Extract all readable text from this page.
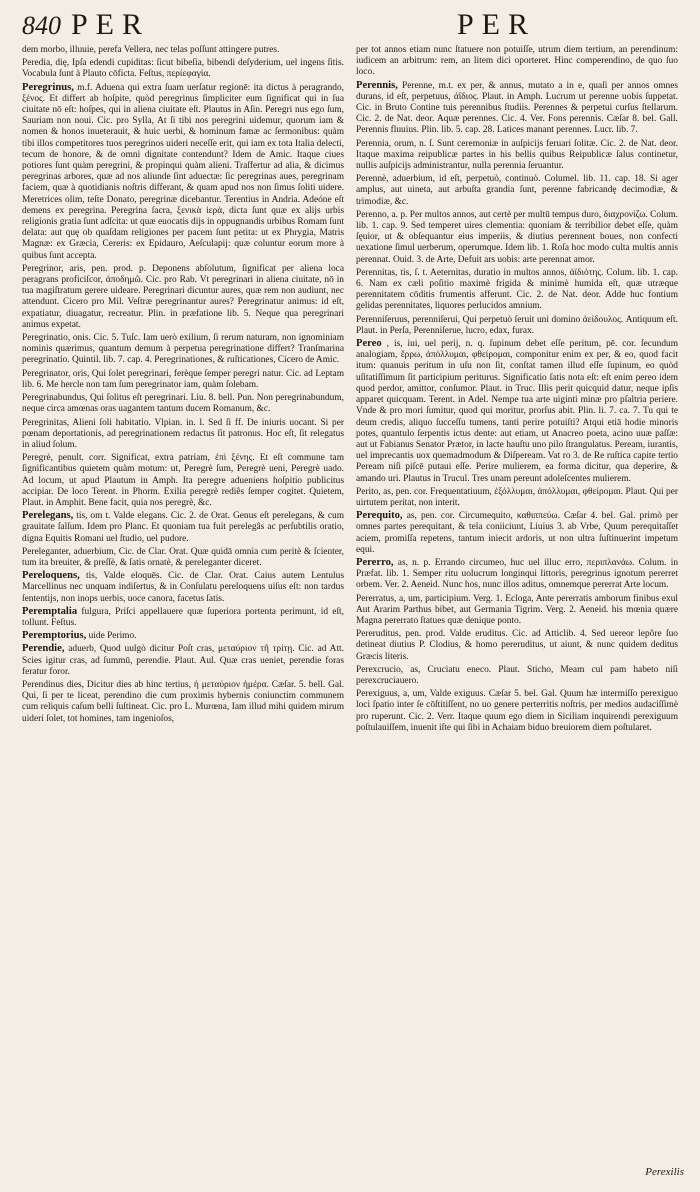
840 PER	PER

dem morbo, illuuie, perefa Vellera, nec telas poſſunt attingere putres.

Peredia, dię, Ipſa edendi cupiditas: ſicut bibeſia, bibendi deſyderium, uel ingens ſitis. Vocabula ſunt à Plauto cōficta. Feſtus, περίεφαγία.

Peregrinus, m.f. Aduena qui extra ſuam uerſatur regionē: ita dictus à peragrando, ξένος. Et differt ab hoſpite, quòd peregrinus ſimpliciter eum ſignificat qui in ſua ciuitate nō eſt: hoſpes, qui in aliena ciuitate eſt. Plautus in Aſin. Peregri nus ego ſum, Sauriam non noui. Cic. pro Sylla, At ſi tibi nos peregrini uidemur, quorum iam & nomen & honos inueterauit, & huic uerbi, & hominum famæ ac ſermonibus: quàm tibi illos competitores tuos peregrinos uideri neceſſe erit, qui iam ex tota Italia delecti, tecum de honore, & de omni dignitate contendunt? Idem de Amic. Itaque ciues potiores ſunt quàm peregrini, & propinqui quàm alieni. Traſfertur ad alia, & dicimus peregrinas arbores, quæ ad nos aliunde ſint aduectæ: ſic peregrinas aues, peregrinam faciem, quæ à quotidianis noſtris differant, & quam apud nos non ſimus ſoliti uidere. Meretrices olim, teſte Donato, peregrinæ dicebantur. Terentius in Andria. Adeóne eſt demens ex peregrina. Peregrina ſacra, ξενικὰ ἱερὰ, dicta ſunt quæ ex alijs urbis religionis gratia ſunt adſcita: ut quæ euocatis dijs in oppugnandis urbibus Romam ſunt delata: aut quę ob quaſdam religiones per pacem ſunt petita: ut ex Phrygia, Matris Magnæ: ex Græcia, Cereris: ex Epidauro, Aeſculapij: quæ coluntur eorum more à quibus ſunt accepta.

Peregrinor, aris, pen. prod. p. Deponens abſolutum, ſignificat per aliena loca peragrans proficiſcor, ἀποδημῶ. Cic. pro Rab. Vt peregrinari in aliena ciuitate, nō in tua magiſtratum gerere uideare. Peregrinari dicuntur aures, quæ rem non audiunt, nec attendunt. Cicero pro Mil. Veſtræ peregrinantur aures? Peregrinatur animus: id eſt, expatiatur, diuagatur, recreatur. Plin. in præfatione lib. 5. Neque qua peregrinari animus expetat.

Peregrinatio, onis. Cic. 5. Tuſc. Iam uerò exilium, ſi rerum naturam, non ignominiam nominis quærimus, quantum demum à perpetua peregrinatione differt? Tranſmarina peregrinatio. Quintil. lib. 7. cap. 4. Peregrinationes, & ruſticationes, Cicero de Amic.

Peregrinator, oris, Qui ſolet peregrinari, ferèque ſemper peregri natur. Cic. ad Leptam lib. 6. Me hercle non tam ſum peregrinator iam, quàm ſolebam.

Peregrinabundus, Qui ſolitus eſt peregrinari. Liu. 8. bell. Pun. Non peregrinabundum, neque circa amœnas oras uagantem tantum ducem Romanum, &c.

Peregrinitas, Alieni ſoli habitatio. Vlpian. in. l. Sed ſi ff. De iniuris uocant. Si per pœnam deportationis, ad peregrinationem redactus ſit patronus. Hoc eſt, ſit relegatus in aliud ſolum.

Peregrè, penult. corr. Significat, extra patriam, ἐπὶ ξένης. Et eſt commune tam ſignificantibus quietem quàm motum: ut, Peregrè ſum, Peregrè ueni, Peregrè uado. Ad locum, ut apud Plautum in Amph. Ita peregre adueniens hoſpitio publicitus accipiar. De loco Terent. in Phorm. Exilia peregrè rediês ſemper cogitet. Quietem, Plaut. in Amphit. Bene facit, quia nos peregrè, &c.

Perelegans, tis, om t. Valde elegans. Cic. 2. de Orat. Genus eſt perelegans, & cum grauitate ſalſum. Idem pro Planc. Et quoniam tua fuit perelegâs ac perſubtilis oratio, digna Equitis Romani uel ſtudio, uel pudore.

Pereleganter, aduerbium, Cic. de Clar. Orat. Quæ quidā omnia cum peritè & ſcienter, tum ita breuiter, & preſſè, & ſatis ornatè, & pereleganter diceret.

Pereloquens, tis, Valde eloquēs. Cic. de Clar. Orat. Caius autem Lentulus Marcellinus nec unquam indiſertus, & in Conſulatu pereloquens uiſus eſt: non tardus ſententijs, non inops uerbis, uoce canora, facetus ſatis.

Peremptalia fulgura, Priſci appellauere quæ ſuperiora portenta perimunt, id eſt, tollunt. Feſtus.

Peremptorius, uide Perimo.

Perendie, aduerb, Quod uulgò dicitur Poſt cras, μεταύριον τῆ τρίτῃ. Cic. ad Att. Scies igitur cras, ad ſummū, perendie. Plaut. Aul. Quæ cras ueniet, perendie foras feratur foror.

Perendinus dies, Dicitur dies ab hinc tertius, ἡ μεταύριον ἡμέρα. Cæſar. 5. bell. Gal. Qui, ſi per te liceat, perendino die cum proximis hybernis coniunctim communem cum reliquis caſum belli ſuſtineat. Cic. pro L. Murœna, Iam illud mihi quidem mirum uideri ſolet, tot homines, tam ingenioſos,

per tot annos etiam nunc ſtatuere non potuiſſe, utrum diem tertium, an perendinum: iudicem an arbitrum: rem, an litem dici oporteret. Hinc comperendino, de quo ſuo loco.

Perennis, Perenne, m.t. ex per, & annus, mutato a in e, quaſi per annos omnes durans, id eſt, perpetuus, ἀΐδιος. Plaut. in Amph. Lucrum ut perenne uobis ſuppetat. Cic. in Bruto Contine tuis perennibus ſtudiis. Perennes & perpetui curſus ſtellarum. Cic. 2. de Nat. deor. Aquæ perennes. Cic. 4. Ver. Fons perennis. Cæſar 8. bel. Gall. Perennis fluuius. Plin. lib. 5. cap. 28. Latices manant perennes. Lucr. lib. 7.

Perennia, orum, n. ſ. Sunt ceremoniæ in auſpicijs feruari ſolitæ. Cic. 2. de Nat. deor. Itaque maxima reipublicæ partes in his bellis quibus Reipublicæ ſalus continetur, nullis auſpicijs administrantur, nulla perennia ſeruantur.

Perennè, aduerbium, id eſt, perpetuò, continuò. Columel. lib. 11. cap. 18. Si ager amplus, aut uineta, aut arbuſta grandia ſunt, perenne fabricandę decimodiæ, & trimodiæ, &c.

Perenno, a. p. Per multos annos, aut certè per multū tempus duro, διαχρονίζω. Colum. lib. 1. cap. 9. Sed temperet uires clementia: quoniam & terribilior debet eſſe, quàm ſęuior, ut & obſequantur eius imperiis, & diutius perennent boues, non confecti uexatione ſimul uerberum, operumque. Idem lib. 1. Roſa hoc modo culta multis annis perennat. Ouid. 3. de Arte, Defuit ars uobis: arte perennat amor.

Perennitas, tis, ſ. t. Aeternitas, duratio in multos annos, ἀϊδιότης. Colum. lib. 1. cap. 6. Nam ex cæli poſitio maximè frigida & minimè humida eſt, quæ utræque perennitatem cōditis frumentis afferunt. Cic. 2. de Nat. deor. Adde huc fontium gelidas perennitates, liquores perlucidos amnium.

Perenniſeruus, perenniſerui, Qui perpetuò ſeruit uni domino ἀεὶδουλος. Antiquum eſt. Plaut. in Perſa, Perenniſerue, lucro, edax, furax.

Pereo , is, iui, uel perij, n. q. ſupinum debet eſſe peritum, pē. cor. ſecundum analogiam, ἔρρω, ἀπόλλυμαι, φθείρομαι, componitur enim ex per, & eo, quod facit itum: quanuis peritum in uſu non ſit, conſtat tamen illud eſſe ſupinum, eo quòd uſitatiſſimum ſit participium periturus. Significatio ſatis nota eſt: eſt enim pereo idem quod perdor, amittor, conſumor. Plaut. in Truc. Illis perit quicquid datur, neque ipſis apparet quicquam. Terent. in Adel. Nempe tua arte uiginti minæ pro pſaltria periere. Vnde & pro mori ſumitur, quod qui moritur, prorſus abit. Plin. li. 7. ca. 7. Tu qui te deum credis, aliquo ſucceſſu tumens, tanti perire potuiſti? Atqui etiā hodie minoris potes, quantulo ſerpentis ictus dente: aut etiam, ut Anacreo poeta, acino uuæ paſſæ: aut ut Fabianus Senator Prætor, in lacte hauſtu uno pilo ſtrangulatus. Peream, iurantis, uel imprecantis uox quemadmodum & Diſpeream. Vat ro 3. de Re ruſtica capite tertio Peream niſi piſcē putaui eſſe. Perire mulierem, ea forma dicitur, qua deperire, & amando uri. Plautus in Trucul. Tres unam pereunt adoleſcentes mulierem.

Perito, as, pen. cor. Frequentatiuum, ἐξόλλυμαι, ἀπόλλυμαι, φθείρομαι. Plaut. Qui per uirtutem peritat, non interit.

Perequito, as, pen. cor. Circumequito, καθιππεύω. Cæſar 4. bel. Gal. primò per omnes partes perequitant, & tela coniiciunt, Liuius 3. ab Vrbe, Quum perequitaſſet aciem, promiſſa repetens, tantum iniecit ardoris, ut non ultra ſuſtinuerint impetum equi.

Pererro, as, n. p. Errando circumeo, huc uel illuc erro, περιπλανάω. Colum. in Præfat. lib. 1. Semper ritu uolucrum longinqui littoris, peregrinus ignotum pererret orbem. Ver. 2. Aeneid. Nunc hos, nunc illos aditus, omnemque pererrat Arte locum.

Pererratus, a, um, participium. Verg. 1. Ecloga, Ante pererratis amborum finibus exul Aut Ararim Parthus bibet, aut Germania Tigrim. Verg. 2. Aeneid. his mœnia quære Magna pererrato ſtatues quæ denique ponto.

Pereruditus, pen. prod. Valde eruditus. Cic. ad Atticlib. 4. Sed uereor lepôre ſuo detineat diutius P. Clodius, & homo pereruditus, ut aiunt, & nunc quidem deditus Græcis literis.

Perexcrucio, as, Cruciatu eneco. Plaut. Sticho, Meam cul pam habeto niſi perexcruciauero.

Perexiguus, a, um, Valde exiguus. Cæſar 5. bel. Gal. Quum hæ intermiſſo perexiguo loci ſpatio inter ſe cōſtitiſſent, no uo genere perterritis noſtris, per medios audaciſſimè pro ruperunt. Cic. 2. Verr. Itaque quum ego diem in Siciliam inquirendi perexiguum poſtulauiſſem, inuenit iſte qui ſibi in Achaiam biduo breuiorem diem poſtularet.

Perexilis
